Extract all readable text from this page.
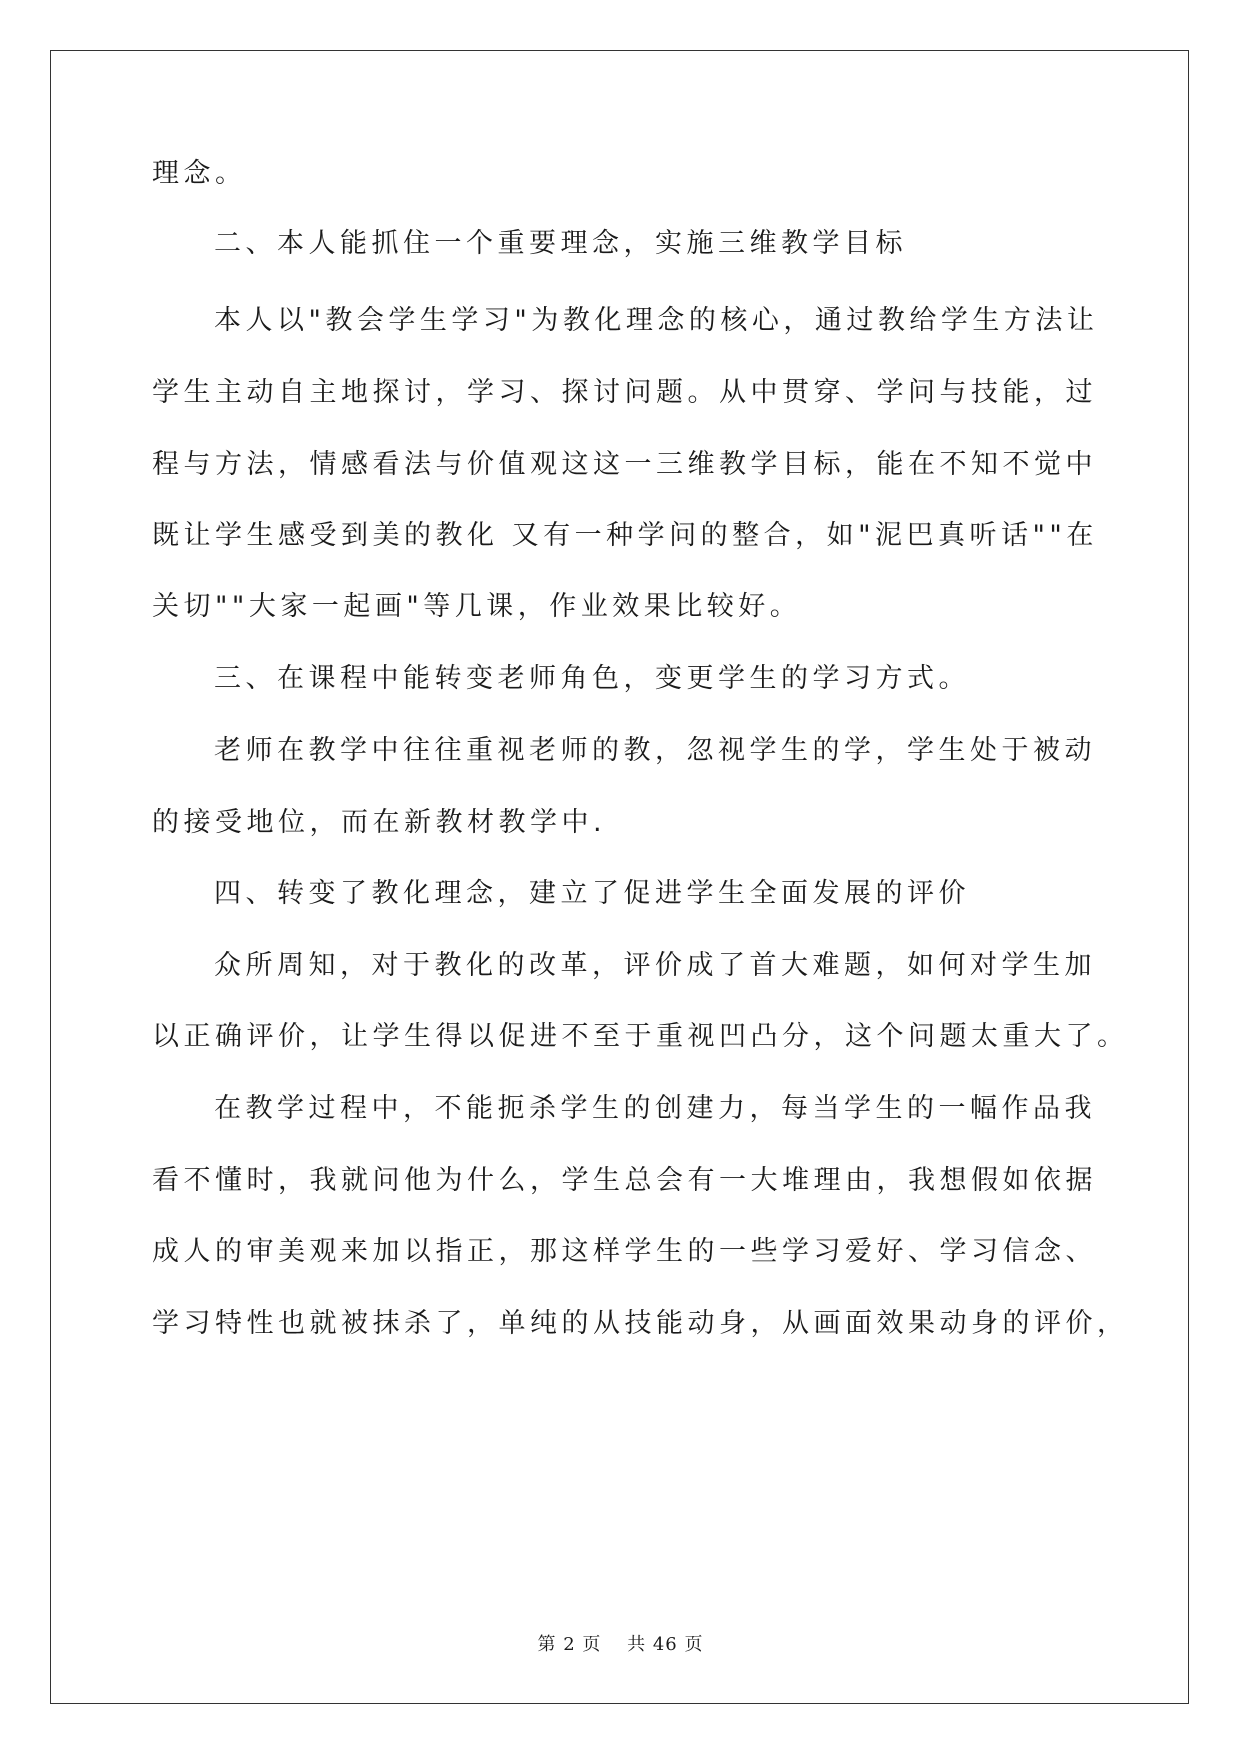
理念。
二、本人能抓住一个重要理念，实施三维教学目标
本人以"教会学生学习"为教化理念的核心，通过教给学生方法让
学生主动自主地探讨，学习、探讨问题。从中贯穿、学问与技能，过
程与方法，情感看法与价值观这这一三维教学目标，能在不知不觉中
既让学生感受到美的教化 又有一种学问的整合，如"泥巴真听话""在
关切""大家一起画"等几课，作业效果比较好。
三、在课程中能转变老师角色，变更学生的学习方式。
老师在教学中往往重视老师的教，忽视学生的学，学生处于被动
的接受地位，而在新教材教学中.
四、转变了教化理念，建立了促进学生全面发展的评价
众所周知，对于教化的改革，评价成了首大难题，如何对学生加
以正确评价，让学生得以促进不至于重视凹凸分，这个问题太重大了。
在教学过程中，不能扼杀学生的创建力，每当学生的一幅作品我
看不懂时，我就问他为什么，学生总会有一大堆理由，我想假如依据
成人的审美观来加以指正，那这样学生的一些学习爱好、学习信念、
学习特性也就被抹杀了，单纯的从技能动身，从画面效果动身的评价，
第 2 页　 共 46 页
